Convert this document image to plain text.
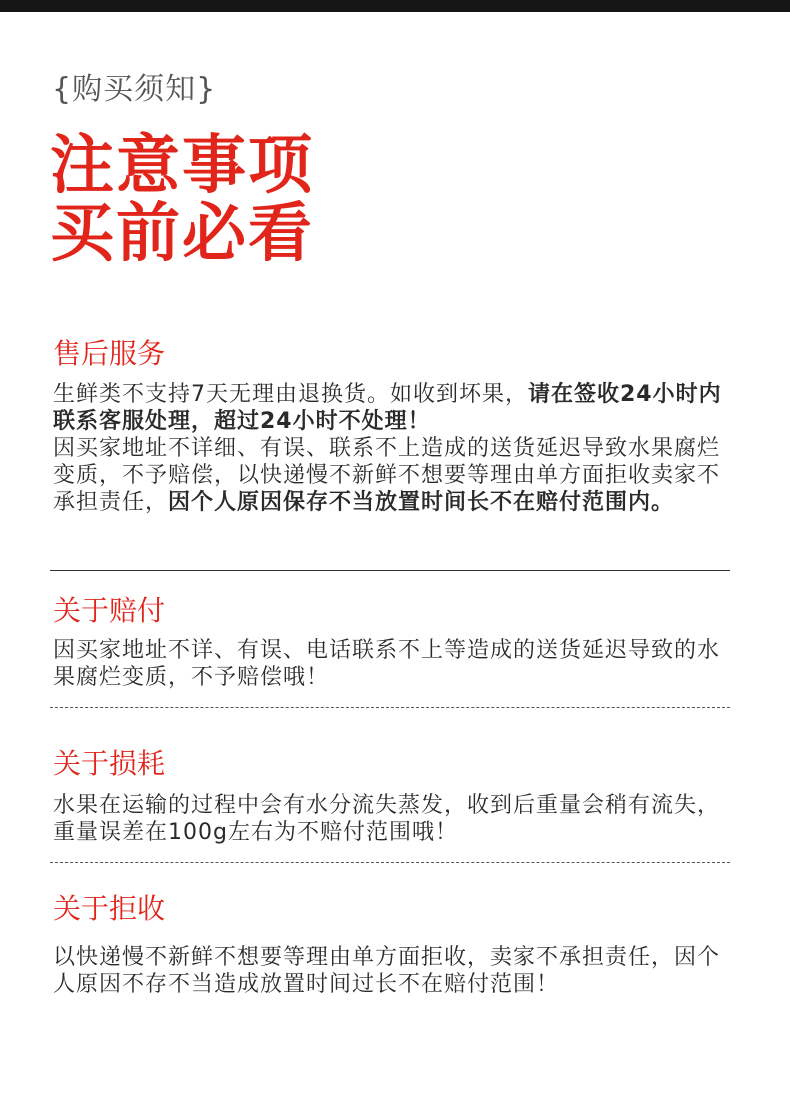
{购买须知}
注意事项
买前必看
售后服务
生鲜类不支持7天无理由退换货。如收到坏果，请在签收24小时内联系客服处理，超过24小时不处理！
因买家地址不详细、有误、联系不上造成的送货延迟导致水果腐烂变质，不予赔偿，以快递慢不新鲜不想要等理由单方面拒收卖家不承担责任，因个人原因保存不当放置时间长不在赔付范围内。
关于赔付
因买家地址不详、有误、电话联系不上等造成的送货延迟导致的水果腐烂变质，不予赔偿哦！
关于损耗
水果在运输的过程中会有水分流失蒸发，收到后重量会稍有流失，重量误差在100g左右为不赔付范围哦！
关于拒收
以快递慢不新鲜不想要等理由单方面拒收，卖家不承担责任，因个人原因不存不当造成放置时间过长不在赔付范围！
